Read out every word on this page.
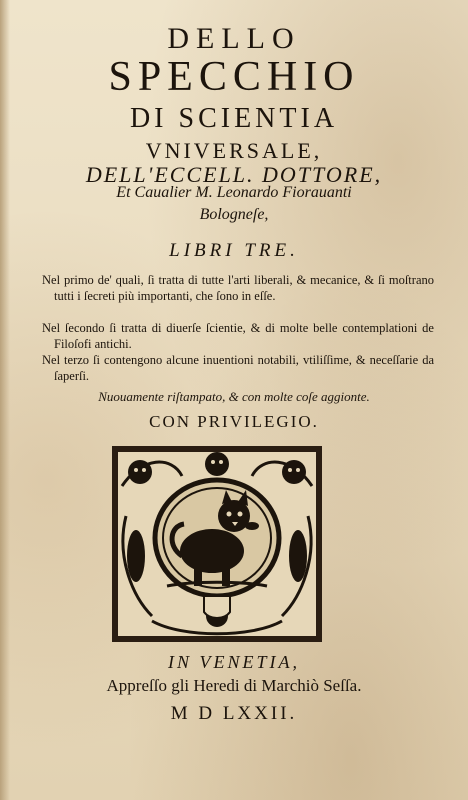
DELLO
SPECCHIO
DI SCIENTIA
VNIVERSALE,
DELL'ECCELL. DOTTORE,
Et Caualier M. Leonardo Fiorauanti
Bologneſe,
LIBRI TRE.
Nel primo de' quali, ſi tratta di tutte l'arti liberali, & mecanice, & ſi moſtrano tutti i ſecreti più importanti, che ſono in eſſe.
Nel ſecondo ſi tratta di diuerſe ſcientie, & di molte belle contemplationi de Filoſofi antichi.
Nel terzo ſi contengono alcune inuentioni notabili, vtiliſſime, & neceſſarie da ſaperſi.
Nuouamente riſtampato, & con molte coſe aggionte.
CON PRIVILEGIO.
IN VENETIA,
Appreſſo gli Heredi di Marchiò Seſſa.
M D LXXII.
